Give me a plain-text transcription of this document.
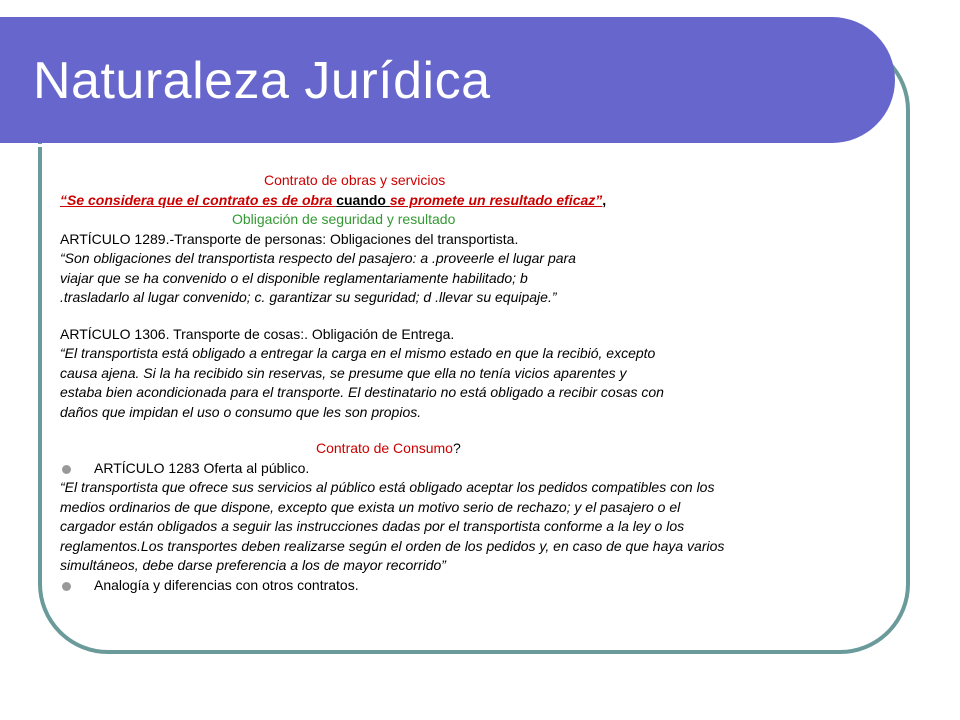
Naturaleza Jurídica
Contrato de obras y servicios
“Se considera que el contrato es de obra cuando se promete un resultado eficaz”,
Obligación de seguridad y resultado
ARTÍCULO 1289.-Transporte de personas: Obligaciones del transportista.
“Son obligaciones del transportista respecto del pasajero: a .proveerle el lugar para
viajar que se ha convenido o el disponible reglamentariamente habilitado; b
.trasladarlo al lugar convenido; c. garantizar su seguridad; d .llevar su equipaje.”
ARTÍCULO 1306. Transporte de cosas:. Obligación de Entrega.
“El transportista está obligado a entregar la carga en el mismo estado en que la recibió, excepto
causa ajena. Si la ha recibido sin reservas, se presume que ella no tenía vicios aparentes y
estaba bien acondicionada para el transporte. El destinatario no está obligado a recibir cosas con
daños que impidan el uso o consumo que les son propios.
Contrato de Consumo?
ARTÍCULO 1283 Oferta al público.
“El transportista que ofrece sus servicios al público está obligado aceptar los pedidos compatibles con los
medios ordinarios de que dispone, excepto que exista un motivo serio de rechazo; y el pasajero o el
cargador están obligados a seguir las instrucciones dadas por el transportista conforme a la ley o los
reglamentos.Los transportes deben realizarse según el orden de los pedidos y, en caso de que haya varios
simultáneos, debe darse preferencia a los de mayor recorrido”
Analogía y diferencias con otros contratos.
